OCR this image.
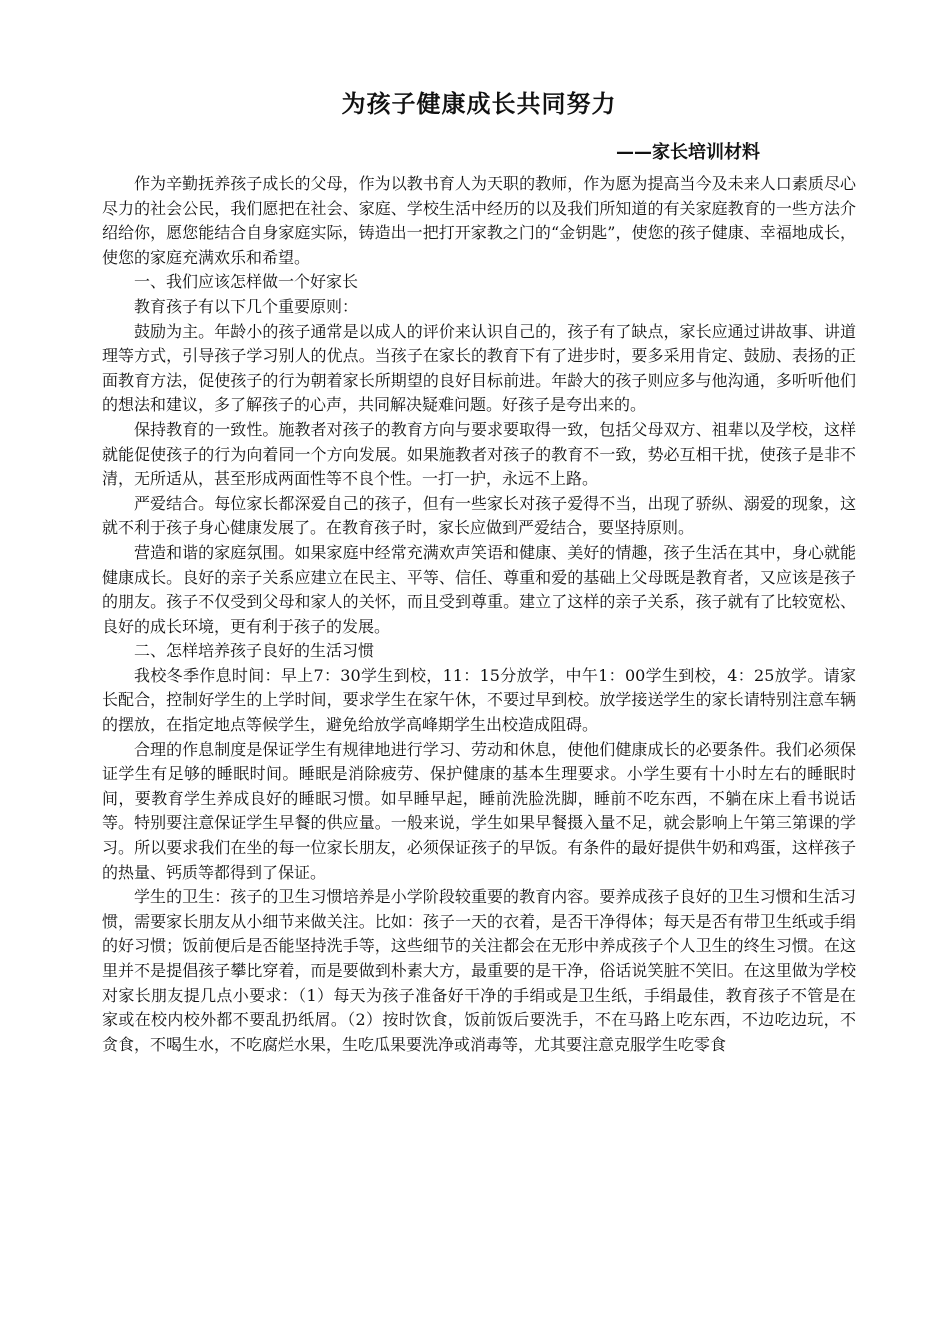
为孩子健康成长共同努力
——家长培训材料

作为辛勤抚养孩子成长的父母，作为以教书育人为天职的教师，作为愿为提高当今及未来人口素质尽心尽力的社会公民，我们愿把在社会、家庭、学校生活中经历的以及我们所知道的有关家庭教育的一些方法介绍给你，愿您能结合自身家庭实际，铸造出一把打开家教之门的“金钥匙”，使您的孩子健康、幸福地成长，使您的家庭充满欢乐和希望。

一、我们应该怎样做一个好家长

教育孩子有以下几个重要原则：

鼓励为主。年龄小的孩子通常是以成人的评价来认识自己的，孩子有了缺点，家长应通过讲故事、讲道理等方式，引导孩子学习别人的优点。当孩子在家长的教育下有了进步时，要多采用肯定、鼓励、表扬的正面教育方法，促使孩子的行为朝着家长所期望的良好目标前进。年龄大的孩子则应多与他沟通，多听听他们的想法和建议，多了解孩子的心声，共同解决疑难问题。好孩子是夸出来的。

保持教育的一致性。施教者对孩子的教育方向与要求要取得一致，包括父母双方、祖辈以及学校，这样就能促使孩子的行为向着同一个方向发展。如果施教者对孩子的教育不一致，势必互相干扰，使孩子是非不清，无所适从，甚至形成两面性等不良个性。一打一护，永远不上路。

严爱结合。每位家长都深爱自己的孩子，但有一些家长对孩子爱得不当，出现了骄纵、溺爱的现象，这就不利于孩子身心健康发展了。在教育孩子时，家长应做到严爱结合，要坚持原则。

营造和谐的家庭氛围。如果家庭中经常充满欢声笑语和健康、美好的情趣，孩子生活在其中，身心就能健康成长。良好的亲子关系应建立在民主、平等、信任、尊重和爱的基础上父母既是教育者，又应该是孩子的朋友。孩子不仅受到父母和家人的关怀，而且受到尊重。建立了这样的亲子关系，孩子就有了比较宽松、良好的成长环境，更有利于孩子的发展。

二、怎样培养孩子良好的生活习惯

我校冬季作息时间：早上7：30学生到校，11：15分放学，中午1：00学生到校，4：25放学。请家长配合，控制好学生的上学时间，要求学生在家午休，不要过早到校。放学接送学生的家长请特别注意车辆的摆放，在指定地点等候学生，避免给放学高峰期学生出校造成阻碍。

合理的作息制度是保证学生有规律地进行学习、劳动和休息，使他们健康成长的必要条件。我们必须保证学生有足够的睡眠时间。睡眠是消除疲劳、保护健康的基本生理要求。小学生要有十小时左右的睡眠时间，要教育学生养成良好的睡眠习惯。如早睡早起，睡前洗脸洗脚，睡前不吃东西，不躺在床上看书说话等。特别要注意保证学生早餐的供应量。一般来说，学生如果早餐摄入量不足，就会影响上午第三第课的学习。所以要求我们在坐的每一位家长朋友，必须保证孩子的早饭。有条件的最好提供牛奶和鸡蛋，这样孩子的热量、钙质等都得到了保证。

学生的卫生：孩子的卫生习惯培养是小学阶段较重要的教育内容。要养成孩子良好的卫生习惯和生活习惯，需要家长朋友从小细节来做关注。比如：孩子一天的衣着，是否干净得体；每天是否有带卫生纸或手绢的好习惯；饭前便后是否能坚持洗手等，这些细节的关注都会在无形中养成孩子个人卫生的终生习惯。在这里并不是提倡孩子攀比穿着，而是要做到朴素大方，最重要的是干净，俗话说笑脏不笑旧。在这里做为学校对家长朋友提几点小要求：（1）每天为孩子准备好干净的手绢或是卫生纸，手绢最佳，教育孩子不管是在家或在校内校外都不要乱扔纸屑。（2）按时饮食，饭前饭后要洗手，不在马路上吃东西，不边吃边玩，不贪食，不喝生水，不吃腐烂水果，生吃瓜果要洗净或消毒等，尤其要注意克服学生吃零食
